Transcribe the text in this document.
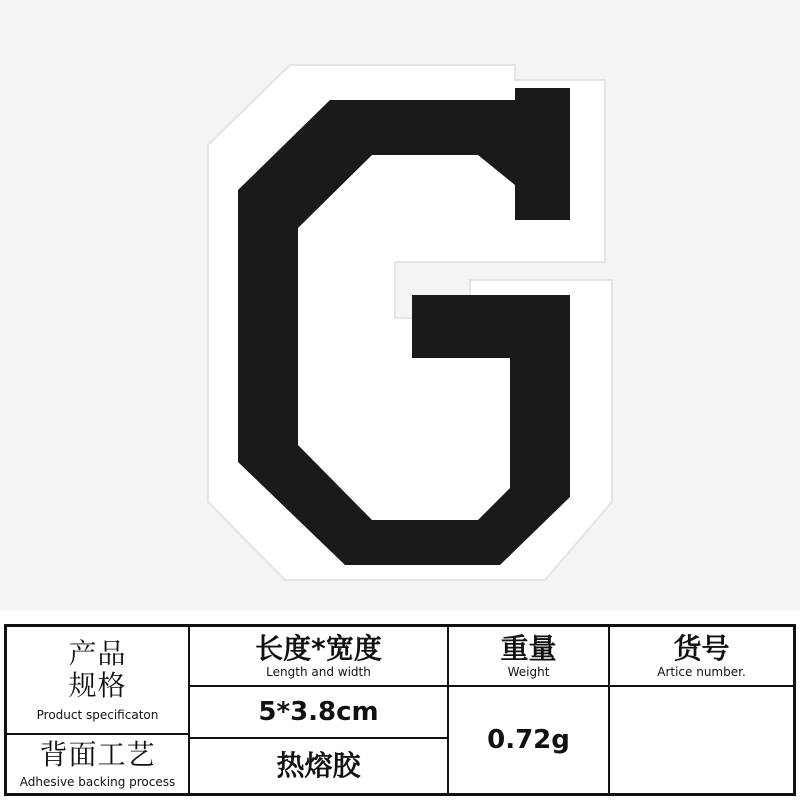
产品
规格
Product specificaton
背面工艺
Adhesive backing process
长度*宽度
Length and width
5*3.8cm
热熔胶
重量
Weight
0.72g
货号
Artice number.
